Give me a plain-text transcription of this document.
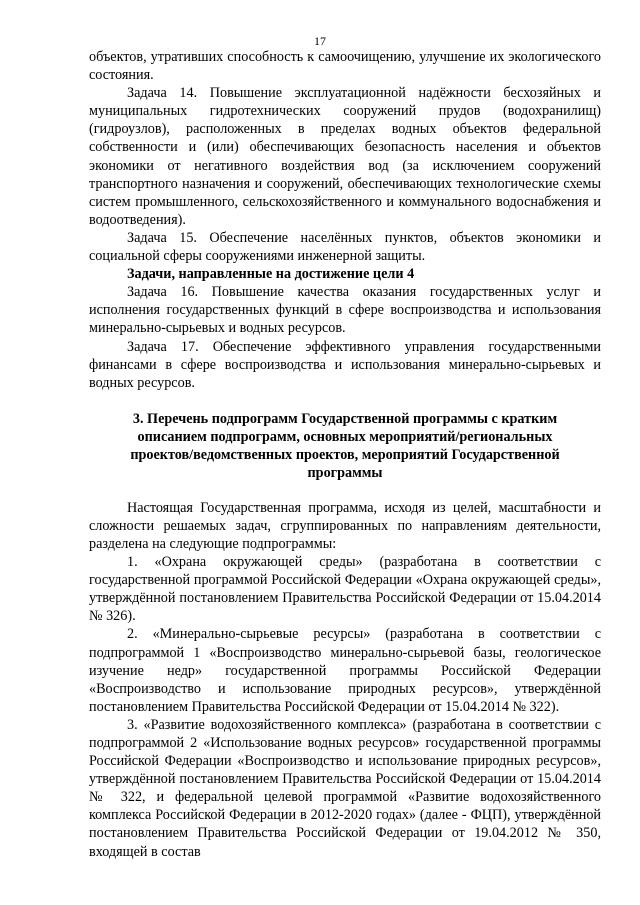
17

объектов, утративших способность к самоочищению, улучшение их экологического состояния.

Задача 14. Повышение эксплуатационной надёжности бесхозяйных и муниципальных гидротехнических сооружений прудов (водохранилищ) (гидроузлов), расположенных в пределах водных объектов федеральной собственности и (или) обеспечивающих безопасность населения и объектов экономики от негативного воздействия вод (за исключением сооружений транспортного назначения и сооружений, обеспечивающих технологические схемы систем промышленного, сельскохозяйственного и коммунального водоснабжения и водоотведения).

Задача 15. Обеспечение населённых пунктов, объектов экономики и социальной сферы сооружениями инженерной защиты.

Задачи, направленные на достижение цели 4

Задача 16. Повышение качества оказания государственных услуг и исполнения государственных функций в сфере воспроизводства и использования минерально-сырьевых и водных ресурсов.

Задача 17. Обеспечение эффективного управления государственными финансами в сфере воспроизводства и использования минерально-сырьевых и водных ресурсов.

3. Перечень подпрограмм Государственной программы с кратким описанием подпрограмм, основных мероприятий/региональных проектов/ведомственных проектов, мероприятий Государственной программы

Настоящая Государственная программа, исходя из целей, масштабности и сложности решаемых задач, сгруппированных по направлениям деятельности, разделена на следующие подпрограммы:

1. «Охрана окружающей среды» (разработана в соответствии с государственной программой Российской Федерации «Охрана окружающей среды», утверждённой постановлением Правительства Российской Федерации от 15.04.2014 № 326).

2. «Минерально-сырьевые ресурсы» (разработана в соответствии с подпрограммой 1 «Воспроизводство минерально-сырьевой базы, геологическое изучение недр» государственной программы Российской Федерации «Воспроизводство и использование природных ресурсов», утверждённой постановлением Правительства Российской Федерации от 15.04.2014 № 322).

3. «Развитие водохозяйственного комплекса» (разработана в соответствии с подпрограммой 2 «Использование водных ресурсов» государственной программы Российской Федерации «Воспроизводство и использование природных ресурсов», утверждённой постановлением Правительства Российской Федерации от 15.04.2014 № 322, и федеральной целевой программой «Развитие водохозяйственного комплекса Российской Федерации в 2012-2020 годах» (далее - ФЦП), утверждённой постановлением Правительства Российской Федерации от 19.04.2012 № 350, входящей в состав
